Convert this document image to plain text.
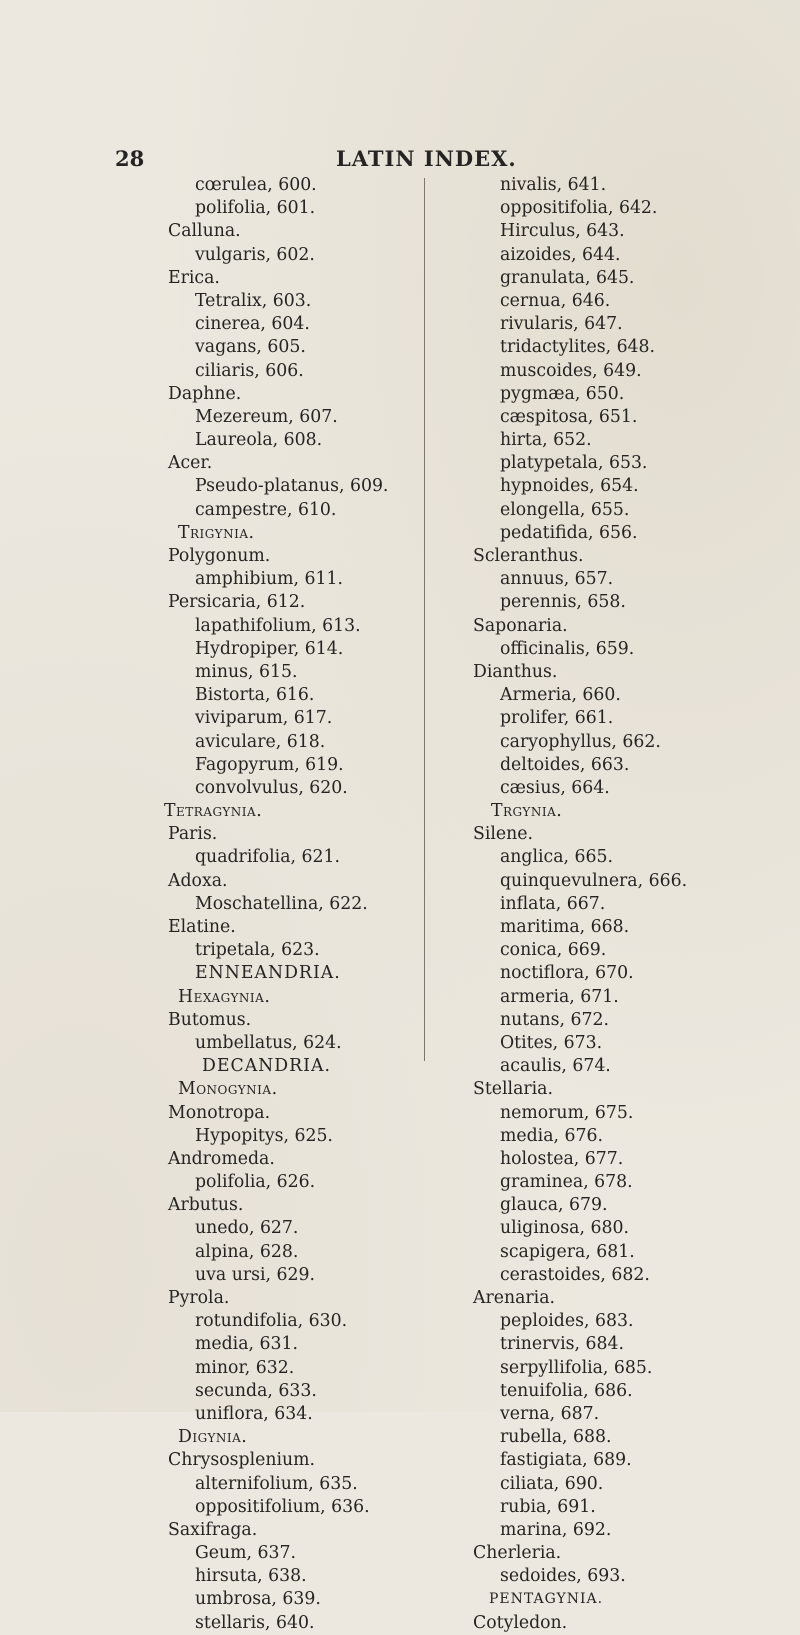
28	LATIN INDEX.
cœrulea, 600.
polifolia, 601.
Calluna.
vulgaris, 602.
Erica.
Tetralix, 603.
cinerea, 604.
vagans, 605.
ciliaris, 606.
Daphne.
Mezereum, 607.
Laureola, 608.
Acer.
Pseudo-platanus, 609.
campestre, 610.
Trigynia.
Polygonum.
amphibium, 611.
Persicaria, 612.
lapathifolium, 613.
Hydropiper, 614.
minus, 615.
Bistorta, 616.
viviparum, 617.
aviculare, 618.
Fagopyrum, 619.
convolvulus, 620.
Tetragynia.
Paris.
quadrifolia, 621.
Adoxa.
Moschatellina, 622.
Elatine.
tripetala, 623.
ENNEANDRIA.
Hexagynia.
Butomus.
umbellatus, 624.
DECANDRIA.
Monogynia.
Monotropa.
Hypopitys, 625.
Andromeda.
polifolia, 626.
Arbutus.
unedo, 627.
alpina, 628.
uva ursi, 629.
Pyrola.
rotundifolia, 630.
media, 631.
minor, 632.
secunda, 633.
uniflora, 634.
Digynia.
Chrysosplenium.
alternifolium, 635.
oppositifolium, 636.
Saxifraga.
Geum, 637.
hirsuta, 638.
umbrosa, 639.
stellaris, 640.
nivalis, 641.
oppositifolia, 642.
Hirculus, 643.
aizoides, 644.
granulata, 645.
cernua, 646.
rivularis, 647.
tridactylites, 648.
muscoides, 649.
pygmæa, 650.
cæspitosa, 651.
hirta, 652.
platypetala, 653.
hypnoides, 654.
elongella, 655.
pedatifida, 656.
Scleranthus.
annuus, 657.
perennis, 658.
Saponaria.
officinalis, 659.
Dianthus.
Armeria, 660.
prolifer, 661.
caryophyllus, 662.
deltoides, 663.
cæsius, 664.
Trgynia.
Silene.
anglica, 665.
quinquevulnera, 666.
inflata, 667.
maritima, 668.
conica, 669.
noctiflora, 670.
armeria, 671.
nutans, 672.
Otites, 673.
acaulis, 674.
Stellaria.
nemorum, 675.
media, 676.
holostea, 677.
graminea, 678.
glauca, 679.
uliginosa, 680.
scapigera, 681.
cerastoides, 682.
Arenaria.
peploides, 683.
trinervis, 684.
serpyllifolia, 685.
tenuifolia, 686.
verna, 687.
rubella, 688.
fastigiata, 689.
ciliata, 690.
rubia, 691.
marina, 692.
Cherleria.
sedoides, 693.
PENTAGYNIA.
Cotyledon.
